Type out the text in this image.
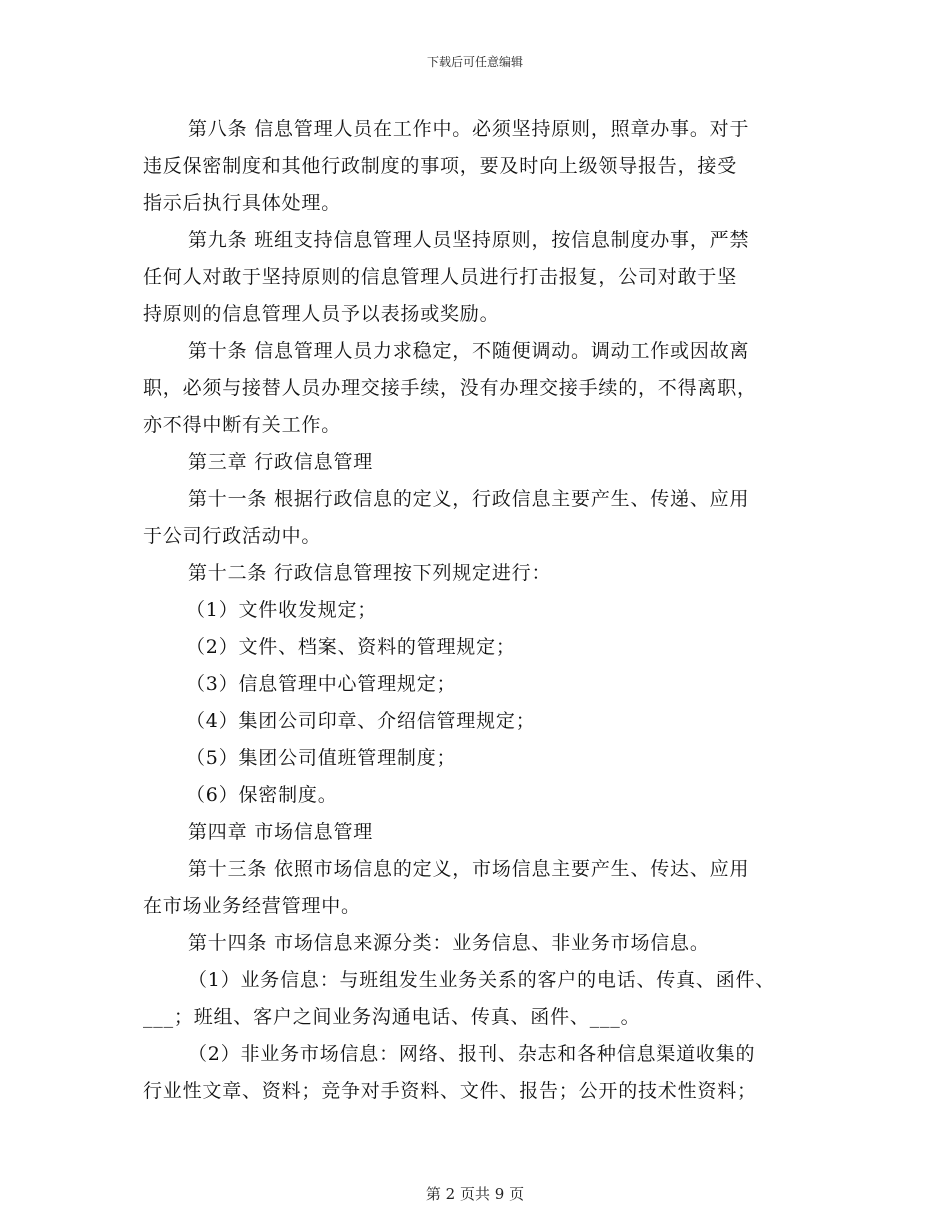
下载后可任意编辑

第八条 信息管理人员在工作中。必须坚持原则，照章办事。对于
违反保密制度和其他行政制度的事项，要及时向上级领导报告，接受
指示后执行具体处理。

第九条 班组支持信息管理人员坚持原则，按信息制度办事，严禁
任何人对敢于坚持原则的信息管理人员进行打击报复，公司对敢于坚
持原则的信息管理人员予以表扬或奖励。

第十条 信息管理人员力求稳定，不随便调动。调动工作或因故离
职，必须与接替人员办理交接手续，没有办理交接手续的，不得离职，
亦不得中断有关工作。

第三章 行政信息管理

第十一条 根据行政信息的定义，行政信息主要产生、传递、应用
于公司行政活动中。

第十二条 行政信息管理按下列规定进行：

（1）文件收发规定；

（2）文件、档案、资料的管理规定；

（3）信息管理中心管理规定；

（4）集团公司印章、介绍信管理规定；

（5）集团公司值班管理制度；

（6）保密制度。

第四章 市场信息管理

第十三条 依照市场信息的定义，市场信息主要产生、传达、应用
在市场业务经营管理中。

第十四条 市场信息来源分类：业务信息、非业务市场信息。

（1）业务信息：与班组发生业务关系的客户的电话、传真、函件、
___；班组、客户之间业务沟通电话、传真、函件、___。

（2）非业务市场信息：网络、报刊、杂志和各种信息渠道收集的
行业性文章、资料；竞争对手资料、文件、报告；公开的技术性资料；

第 2 页共 9 页
